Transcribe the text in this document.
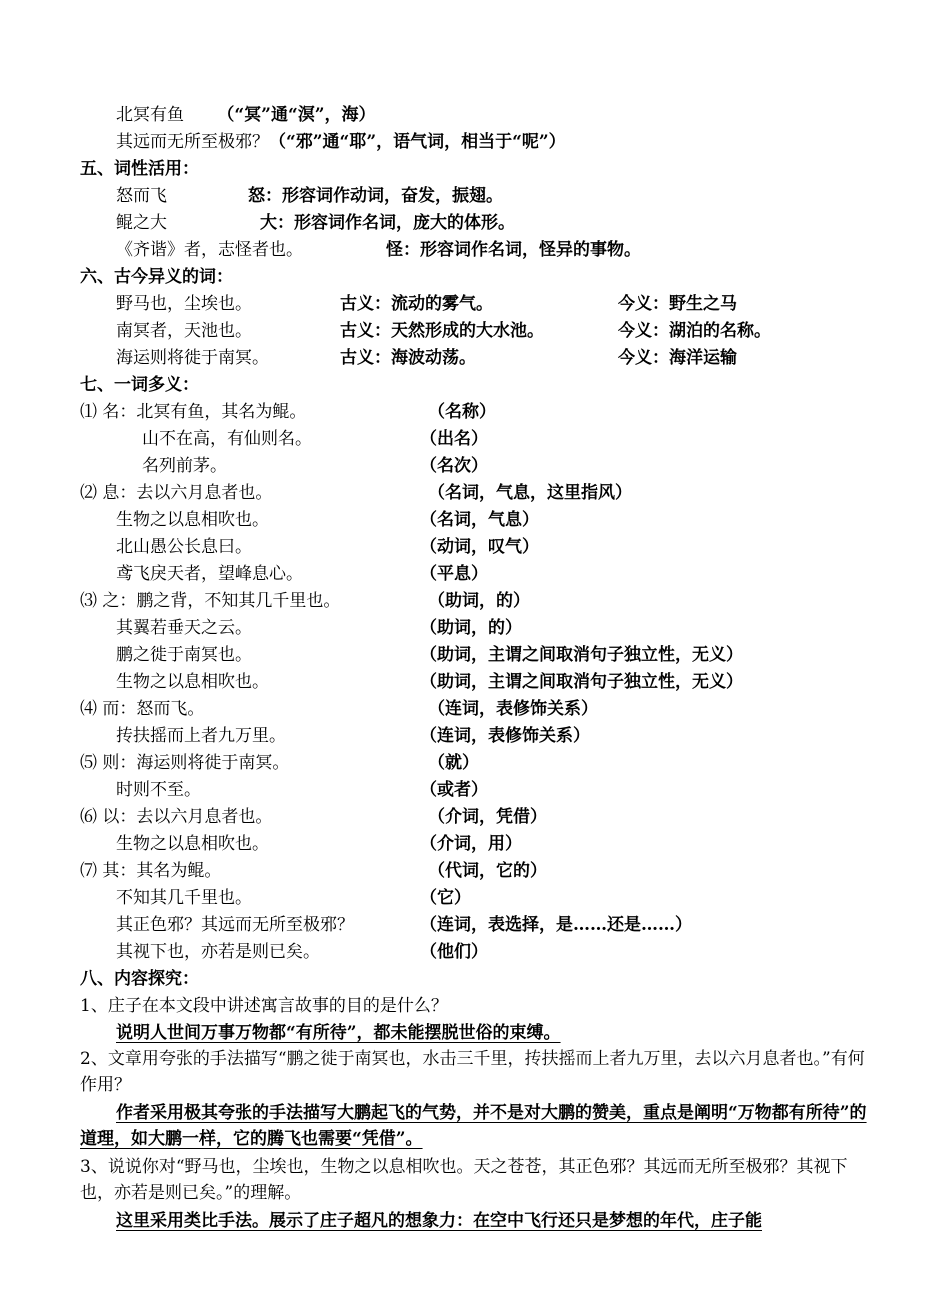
北冥有鱼 （“冥”通“溟”，海）
其远而无所至极邪？（“邪”通“耶”，语气词，相当于“呢”）
五、词性活用：
怒而飞	怒：形容词作动词，奋发，振翅。
鲲之大	大：形容词作名词，庞大的体形。
《齐谐》者，志怪者也。	怪：形容词作名词，怪异的事物。
六、古今异义的词：
野马也，尘埃也。	古义：流动的雾气。	今义：野生之马
南冥者，天池也。	古义：天然形成的大水池。	今义：湖泊的名称。
海运则将徙于南冥。	古义：海波动荡。	今义：海洋运输
七、一词多义：
⑴ 名：北冥有鱼，其名为鲲。	（名称）
山不在高，有仙则名。	（出名）
名列前茅。	（名次）
⑵ 息：去以六月息者也。	（名词，气息，这里指风）
生物之以息相吹也。	（名词，气息）
北山愚公长息曰。	（动词，叹气）
鸢飞戾天者，望峰息心。	（平息）
⑶ 之：鹏之背，不知其几千里也。	（助词，的）
其翼若垂天之云。	（助词，的）
鹏之徙于南冥也。	（助词，主谓之间取消句子独立性，无义）
生物之以息相吹也。	（助词，主谓之间取消句子独立性，无义）
⑷ 而：怒而飞。	（连词，表修饰关系）
抟扶摇而上者九万里。	（连词，表修饰关系）
⑸ 则：海运则将徙于南冥。	（就）
时则不至。	（或者）
⑹ 以：去以六月息者也。	（介词，凭借）
生物之以息相吹也。	（介词，用）
⑺ 其：其名为鲲。	（代词，它的）
不知其几千里也。	（它）
其正色邪？其远而无所至极邪？	（连词，表选择，是……还是……）
其视下也，亦若是则已矣。	（他们）
八、内容探究：
1、庄子在本文段中讲述寓言故事的目的是什么？
说明人世间万事万物都“有所待”，都未能摆脱世俗的束缚。
2、文章用夸张的手法描写“鹏之徙于南冥也，水击三千里，抟扶摇而上者九万里，去以六月息者也。”有何作用？
作者采用极其夸张的手法描写大鹏起飞的气势，并不是对大鹏的赞美，重点是阐明“万物都有所待”的道理，如大鹏一样，它的腾飞也需要“凭借”。
3、说说你对“野马也，尘埃也，生物之以息相吹也。天之苍苍，其正色邪？其远而无所至极邪？其视下也，亦若是则已矣。”的理解。
这里采用类比手法。展示了庄子超凡的想象力：在空中飞行还只是梦想的年代，庄子能
